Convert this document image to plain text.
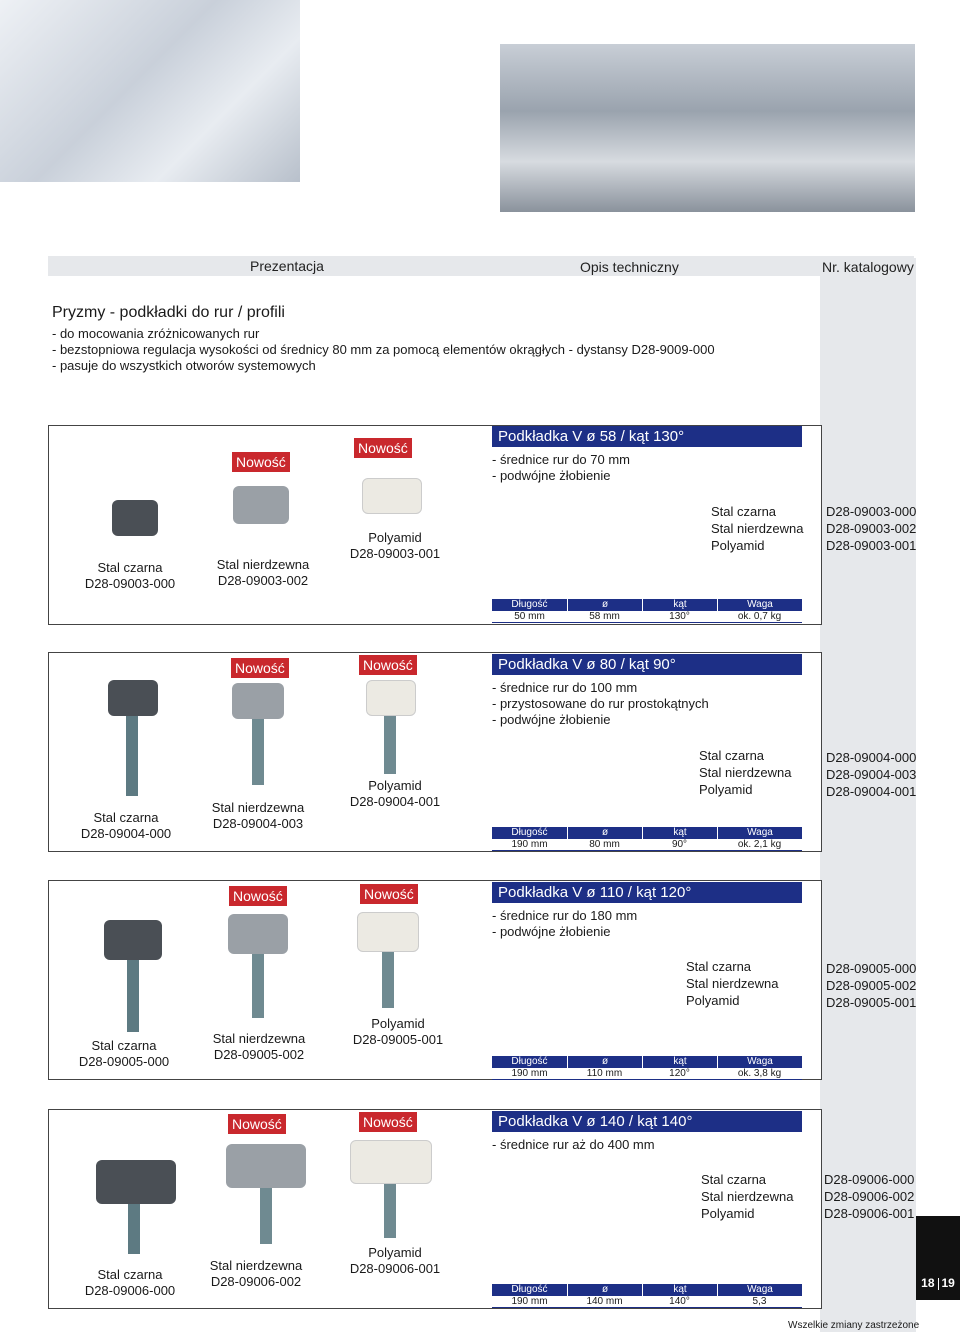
Prezentacja	Opis techniczny	Nr. katalogowy
Pryzmy - podkładki do rur / profili
- do mocowania zróżnicowanych rur
- bezstopniowa regulacja wysokości od średnicy 80 mm za pomocą elementów okrągłych - dystansy D28-9009-000
- pasuje do wszystkich otworów systemowych
Nowość
Nowość
Podkładka V ø 58 / kąt 130°
- średnice rur do 70 mm
- podwójne żłobienie
Stal czarna
D28-09003-000
Stal nierdzewna
D28-09003-002
Polyamid
D28-09003-001
Stal czarna
Stal nierdzewna
Polyamid
D28-09003-000
D28-09003-002
D28-09003-001
Długość	ø	kąt	Waga
50 mm	58 mm	130°	ok. 0,7 kg
Nowość	Nowość	Podkładka V ø 80 / kąt 90°
- średnice rur do 100 mm
- przystosowane do rur prostokątnych
- podwójne żłobienie
Stal czarna
D28-09004-000
Stal nierdzewna
D28-09004-003
Polyamid
D28-09004-001
Stal czarna
Stal nierdzewna
Polyamid
D28-09004-000
D28-09004-003
D28-09004-001
Długość	ø	kąt	Waga
190 mm	80 mm	90°	ok. 2,1 kg
Nowość	Nowość	Podkładka V ø 110 / kąt 120°
- średnice rur do 180 mm
- podwójne żłobienie
Stal czarna
D28-09005-000
Stal nierdzewna
D28-09005-002
Polyamid
D28-09005-001
Stal czarna
Stal nierdzewna
Polyamid
D28-09005-000
D28-09005-002
D28-09005-001
Długość	ø	kąt	Waga
190 mm	110 mm	120°	ok. 3,8 kg
Nowość	Nowość	Podkładka V ø 140 / kąt 140°
- średnice rur aż do 400 mm
Stal czarna
D28-09006-000
Stal nierdzewna
D28-09006-002
Polyamid
D28-09006-001
Stal czarna
Stal nierdzewna
Polyamid
D28-09006-000
D28-09006-002
D28-09006-001
Długość	ø	kąt	Waga
190 mm	140 mm	140°	5,3
18 19
Wszelkie zmiany zastrzeżone
